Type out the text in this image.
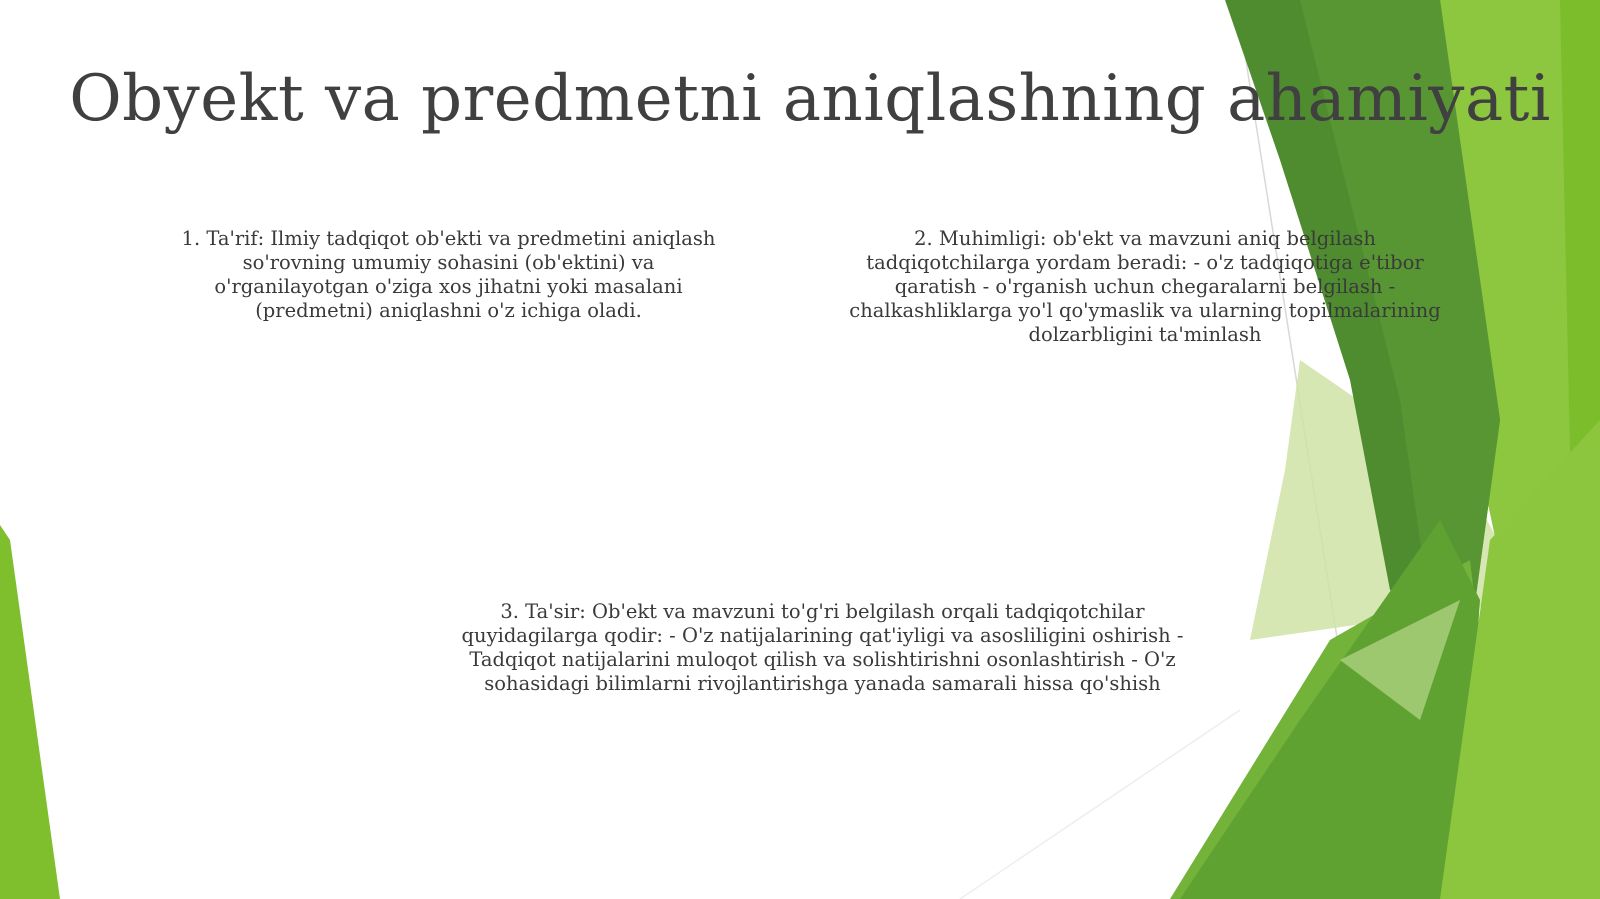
Obyekt va predmetni aniqlashning ahamiyati
1. Ta'rif: Ilmiy tadqiqot ob'ekti va predmetini aniqlash so'rovning umumiy sohasini (ob'ektini) va o'rganilayotgan o'ziga xos jihatni yoki masalani (predmetni) aniqlashni o'z ichiga oladi.
2. Muhimligi: ob'ekt va mavzuni aniq belgilash tadqiqotchilarga yordam beradi: - o'z tadqiqotiga e'tibor qaratish - o'rganish uchun chegaralarni belgilash - chalkashliklarga yo'l qo'ymaslik va ularning topilmalarining dolzarbligini ta'minlash
3. Ta'sir: Ob'ekt va mavzuni to'g'ri belgilash orqali tadqiqotchilar quyidagilarga qodir: - O'z natijalarining qat'iyligi va asosliligini oshirish - Tadqiqot natijalarini muloqot qilish va solishtirishni osonlashtirish - O'z sohasidagi bilimlarni rivojlantirishga yanada samarali hissa qo'shish
